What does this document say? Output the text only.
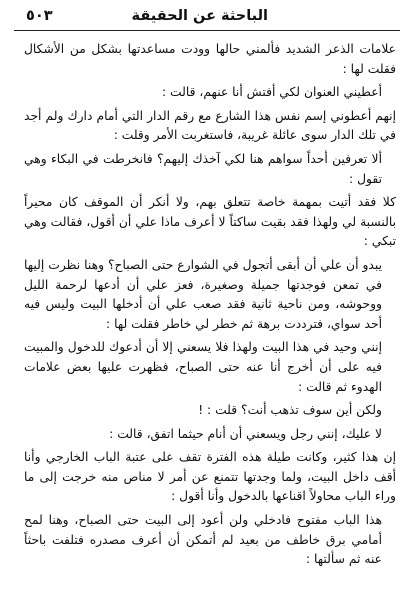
الباحثة عن الحقيقة
٥٠٣

علامات الذعر الشديد فألمني حالها وودت مساعدتها بشكل من الأشكال فقلت لها :

أعطيني العنوان لكي أفتش أنا عنهم، قالت :

إنهم أعطوني إسم نفس هذا الشارع مع رقم الدار التي أمام دارك ولم أجد في تلك الدار سوى عائلة غريبة، فاستغربت الأمر وقلت :

ألا تعرفين أحداً سواهم هنا لكي آخذك إليهم؟ فانخرطت في البكاء وهي تقول :

كلا فقد أتيت بمهمة خاصة تتعلق بهم، ولا أنكر أن الموقف كان محيراً بالنسبة لي ولهذا فقد بقيت ساكتاً لا أعرف ماذا علي أن أقول، فقالت وهي تبكي :

يبدو أن علي أن أبقى أتجول في الشوارع حتى الصباح؟ وهنا نظرت إليها في تمعن فوجدتها جميلة وصغيرة، فعز علي أن أدعها لرحمة الليل ووحوشه، ومن ناحية ثانية فقد صعب علي أن أدخلها البيت وليس فيه أحد سواي، فترددت برهة ثم خطر لي خاطر فقلت لها :

إنني وحيد في هذا البيت ولهذا فلا يسعني إلا أن أدعوك للدخول والمبيت فيه على أن أخرج أنا عنه حتى الصباح، فظهرت عليها بعض علامات الهدوء ثم قالت :

ولكن أين سوف تذهب أنت؟ قلت : !

لا عليك، إنني رجل ويسعني أن أنام حيثما اتفق، قالت :

إن هذا كثير، وكانت طيلة هذه الفترة تقف على عتبة الباب الخارجي وأنا أقف داخل البيت، ولما وجدتها تتمنع عن أمر لا مناص منه خرجت إلى ما وراء الباب محاولاً اقناعها بالدخول وأنا أقول :

هذا الباب مفتوح فادخلي ولن أعود إلى البيت حتى الصباح، وهنا لمح أمامي برق خاطف من بعيد لم أتمكن أن أعرف مصدره فتلفت باحثاً عنه ثم سألتها :
